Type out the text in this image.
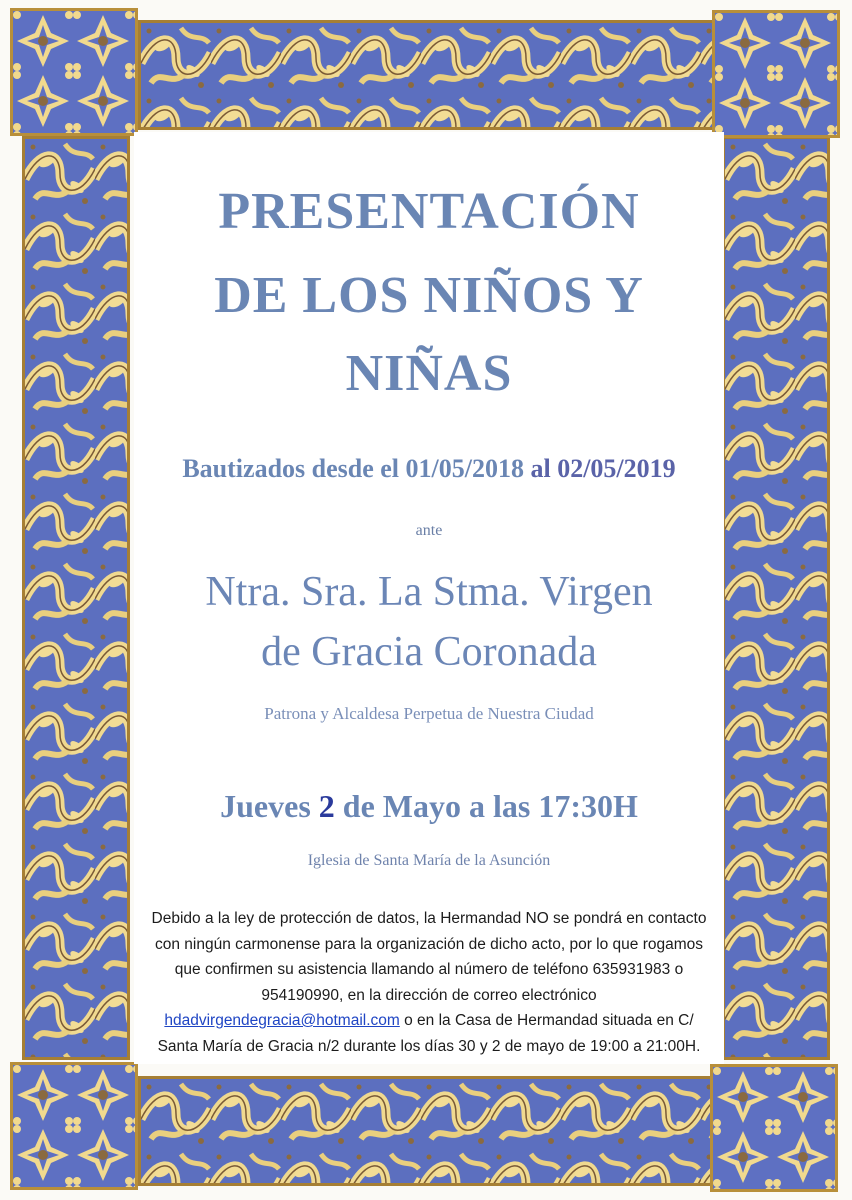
PRESENTACIÓN
DE LOS NIÑOS Y
NIÑAS
Bautizados desde el 01/05/2018 al 02/05/2019
ante
Ntra. Sra. La Stma. Virgen
de Gracia Coronada
Patrona y Alcaldesa Perpetua de Nuestra Ciudad
Jueves 2 de Mayo a las 17:30H
Iglesia de Santa María de la Asunción
Debido a la ley de protección de datos, la Hermandad NO se pondrá en contacto
con ningún carmonense para la organización de dicho acto, por lo que rogamos
que confirmen su asistencia llamando al número de teléfono 635931983 o
954190990, en la dirección de correo electrónico
hdadvirgendegracia@hotmail.com o en la Casa de Hermandad situada en C/
Santa María de Gracia n/2 durante los días 30 y 2 de mayo de 19:00 a 21:00H.
